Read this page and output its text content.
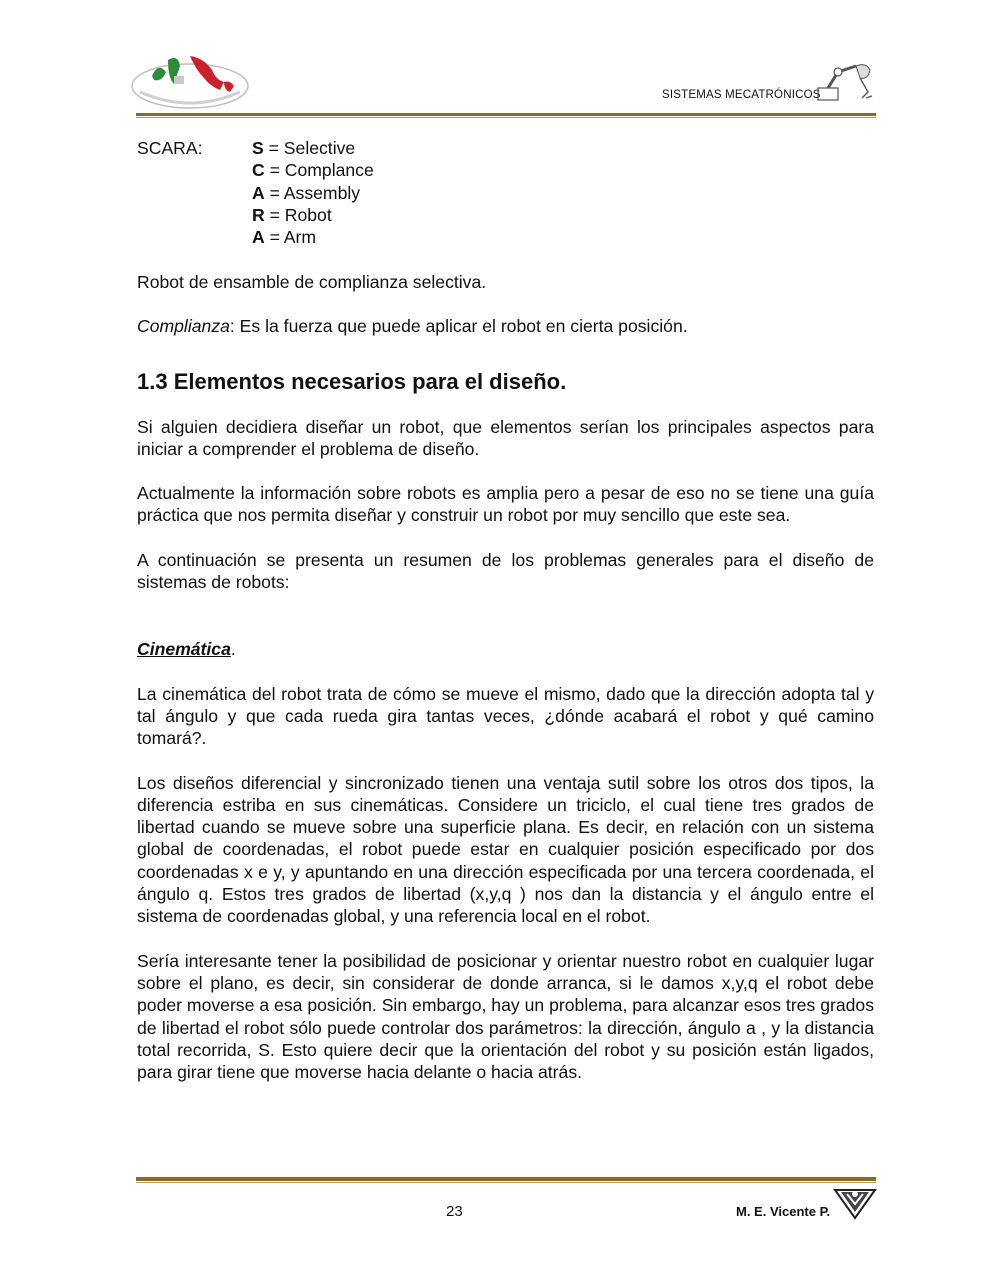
SISTEMAS MECATRÓNICOS
SCARA:	S = Selective
C = Complance
A = Assembly
R = Robot
A = Arm

Robot de ensamble de complianza selectiva.

Complianza: Es la fuerza que puede aplicar el robot en cierta posición.

1.3 Elementos necesarios para el diseño.

Si alguien decidiera diseñar un robot, que elementos serían los principales aspectos para iniciar a comprender el problema de diseño.

Actualmente la información sobre robots es amplia pero a pesar de eso no se tiene una guía práctica que nos permita diseñar y construir un robot por muy sencillo que este sea.

A continuación se presenta un resumen de los problemas generales para el diseño de sistemas de robots:

Cinemática.

La cinemática del robot trata de cómo se mueve el mismo, dado que la dirección adopta tal y tal ángulo y que cada rueda gira tantas veces, ¿dónde acabará el robot y qué camino tomará?.

Los diseños diferencial y sincronizado tienen una ventaja sutil sobre los otros dos tipos, la diferencia estriba en sus cinemáticas. Considere un triciclo, el cual tiene tres grados de libertad cuando se mueve sobre una superficie plana. Es decir, en relación con un sistema global de coordenadas, el robot puede estar en cualquier posición especificado por dos coordenadas x e y, y apuntando en una dirección especificada por una tercera coordenada, el ángulo q. Estos tres grados de libertad (x,y,q ) nos dan la distancia y el ángulo entre el sistema de coordenadas global, y una referencia local en el robot.

Sería interesante tener la posibilidad de posicionar y orientar nuestro robot en cualquier lugar sobre el plano, es decir, sin considerar de donde arranca, si le damos x,y,q el robot debe poder moverse a esa posición. Sin embargo, hay un problema, para alcanzar esos tres grados de libertad el robot sólo puede controlar dos parámetros: la dirección, ángulo a , y la distancia total recorrida, S. Esto quiere decir que la orientación del robot y su posición están ligados, para girar tiene que moverse hacia delante o hacia atrás.

23	M. E. Vicente P.
